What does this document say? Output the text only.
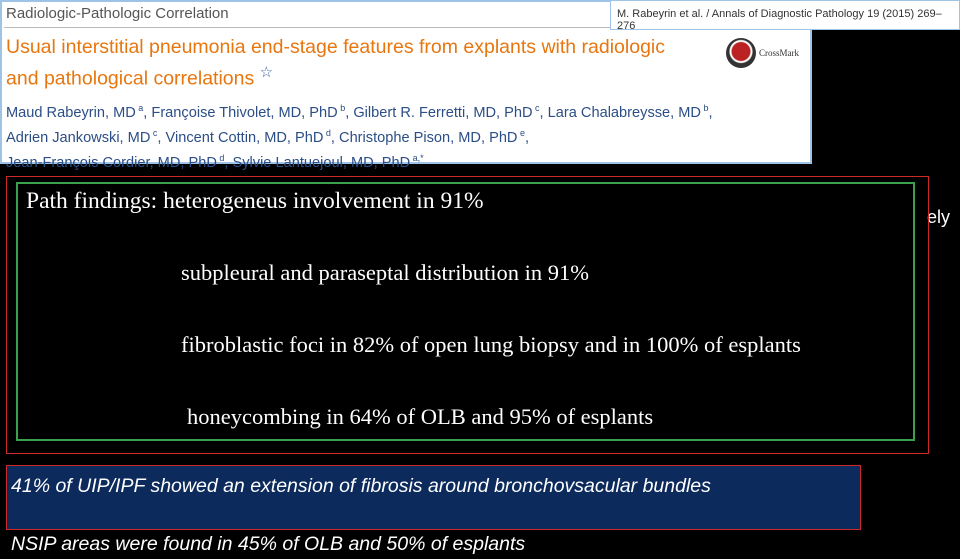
Radiologic-Pathologic Correlation
Usual interstitial pneumonia end-stage features from explants with radiologic and pathological correlations ☆
CrossMark
Maud Rabeyrin, MD $^a$, Françoise Thivolet, MD, PhD $^b$, Gilbert R. Ferretti, MD, PhD $^c$, Lara Chalabreysse, MD $^b$,
Adrien Jankowski, MD $^c$, Vincent Cottin, MD, PhD $^d$, Christophe Pison, MD, PhD $^e$,
Jean-François Cordier, MD, PhD $^d$, Sylvie Lantuejoul, MD, PhD $^{a,*}$
M. Rabeyrin et al. / Annals of Diagnostic Pathology 19 (2015) 269–276
ely
Path findings: heterogeneus involvement in 91%
subpleural and paraseptal distribution in 91%
fibroblastic foci in 82% of open lung biopsy and in 100% of esplants
honeycombing in 64% of OLB and 95% of esplants
41% of UIP/IPF showed an extension of fibrosis around bronchovsacular bundles
NSIP areas were found in 45% of OLB and 50% of esplants
